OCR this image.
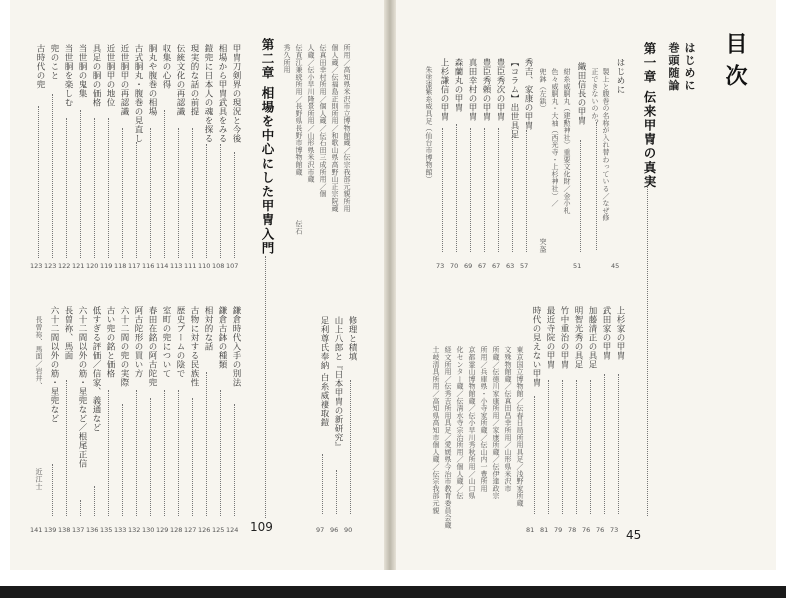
目次
はじめに
巻頭随論
第一章 伝来甲冑の真実
45
はじめに
製上と腹巻の名称が入れ替わっている／なぜ修
正できないのか？
45
織田信長の甲冑
紺糸威胴丸（建勲神社）重要文化財／金小札
色々威胴丸・大袖（西光寺・上杉神社）／
兜鉢（左鋲）
突盔
51
秀吉、家康の甲冑
【コラム】出世具足
豊臣秀次の甲冑
豊臣秀頼の甲冑
真田幸村の甲冑
森蘭丸の甲冑
上杉謙信の甲冑
朱塗漆紫糸威具足（仙台市博物館）
57
63
67
67
69
70
73
上杉家の甲冑
武田家の甲冑
加藤清正の具足
明智光秀の具足
竹中重治の甲冑
最近寺院の甲冑
時代の見えない甲冑
東京国立博物館／伝春日局所用具足／浅野家所蔵
文殊物館蔵／伝真田昌幸所用／山形県米沢市
所蔵／伝徳川家康所用／家康所蔵／伝伊達政宗
所用／兵庫県・小寺家所蔵／伝山内一豊所用
京都霊山博物館蔵／伝小早川秀秋所用／山口県
化センター蔵／伝清水寺宗治所用／個人蔵／伝
経文所用／伝秀吉所用具足／愛媛県今治市教育委員会蔵
土岐清具所用／高知県高知市個人蔵／伝宗我部元親
73
76
76
78
79
81
81
修理と積填
山上八郎と『日本甲冑の新研究』
足利尊氏奉納 白糸威褄取鎧
90
96
97
第二章 相場を中心にした甲冑入門
109
所用／高知県米沢市立博物館蔵／伝宗我部元親所用
個人蔵／伝福島正則所用／和歌山県高野山正宗院蔵
伝真田幸村所用／個人蔵／伝石田三成所用／個
人蔵／伝小早川隆景所用／山形県米沢市蔵
伝直江兼続所用／長野県長野市博物館蔵
秀久所用
伝石
甲冑刀剣界の現況と今後
相場から甲冑武具をみる
鎧兜に日本人の魂を探る
現実的な話の前提
伝統文化の再認識
収集の心得
胴丸や腹巻の相場
古式胴丸・腹巻の見直し
近世胴甲の再認識
近世胴甲の地位
具足の胴の価格
当世胴の鬼集
当世胴を楽しむ
兜のこと
古時代の兜
107
108
110
111
113
114
116
117
118
119
120
121
122
123
123
鎌倉時代入手の別法
鎌倉古鉢の種類
相対的な話
古物に対する民族性
歴史ブームの陰で
室町の兜について
春田在銘の阿古陀兜
阿古陀形の買い方
六十二間の兜の実際
古い兜の銘と価格
低すぎる評価／信家、義通など
六十二間以外の筋・星兜など／根尾正信
長曽祢、馬面
六十二間以外の筋・星兜など
長曽祢、馬面／岩井、
近江士
124
125
126
127
128
129
130
132
133
135
136
137
138
139
141
